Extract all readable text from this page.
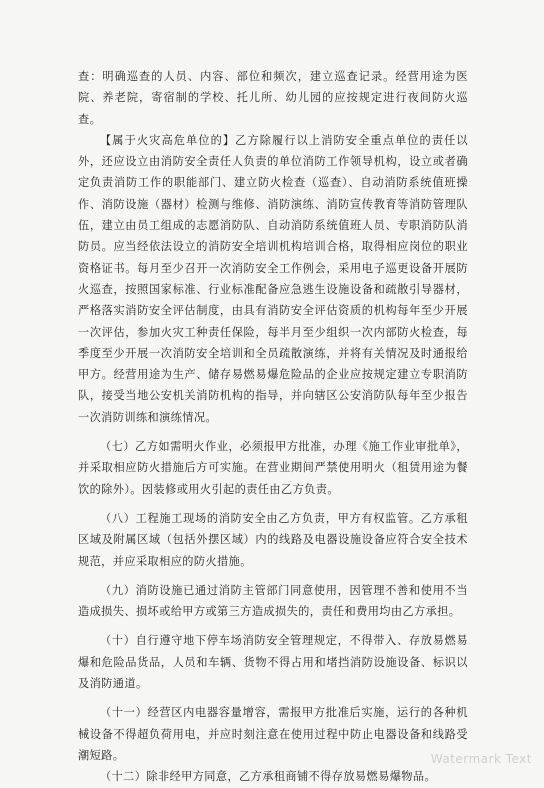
查：明确巡查的人员、内容、部位和频次，建立巡查记录。经营用途为医院、养老院，寄宿制的学校、托儿所、幼儿园的应按规定进行夜间防火巡查。

【属于火灾高危单位的】乙方除履行以上消防安全重点单位的责任以外，还应设立由消防安全责任人负责的单位消防工作领导机构，设立或者确定负责消防工作的职能部门、建立防火检查（巡查）、自动消防系统值班操作、消防设施（器材）检测与维修、消防演练、消防宣传教育等消防管理队伍，建立由员工组成的志愿消防队、自动消防系统值班人员、专职消防队消防员。应当经依法设立的消防安全培训机构培训合格，取得相应岗位的职业资格证书。每月至少召开一次消防安全工作例会，采用电子巡更设备开展防火巡查，按照国家标准、行业标准配备应急逃生设施设备和疏散引导器材，严格落实消防安全评估制度，由具有消防安全评估资质的机构每年至少开展一次评估，参加火灾工种责任保险，每半月至少组织一次内部防火检查，每季度至少开展一次消防安全培训和全员疏散演练，并将有关情况及时通报给甲方。经营用途为生产、储存易燃易爆危险品的企业应按规定建立专职消防队，接受当地公安机关消防机构的指导，并向辖区公安消防队每年至少报告一次消防训练和演练情况。

（七）乙方如需明火作业，必须报甲方批准，办理《施工作业审批单》，并采取相应防火措施后方可实施。在营业期间严禁使用明火（租赁用途为餐饮的除外）。因装修或用火引起的责任由乙方负责。

（八）工程施工现场的消防安全由乙方负责，甲方有权监管。乙方承租区域及附属区域（包括外摆区域）内的线路及电器设施设备应符合安全技术规范，并应采取相应的防火措施。

（九）消防设施已通过消防主管部门同意使用，因管理不善和使用不当造成损失、损坏或给甲方或第三方造成损失的，责任和费用均由乙方承担。

（十）自行遵守地下停车场消防安全管理规定，不得带入、存放易燃易爆和危险品货品，人员和车辆、货物不得占用和堵挡消防设施设备、标识以及消防通道。

（十一）经营区内电器容量增容，需报甲方批准后实施，运行的各种机械设备不得超负荷用电，并应时刻注意在使用过程中防止电器设备和线路受潮短路。

（十二）除非经甲方同意，乙方承租商铺不得存放易燃易爆物品。

Watermark Text
